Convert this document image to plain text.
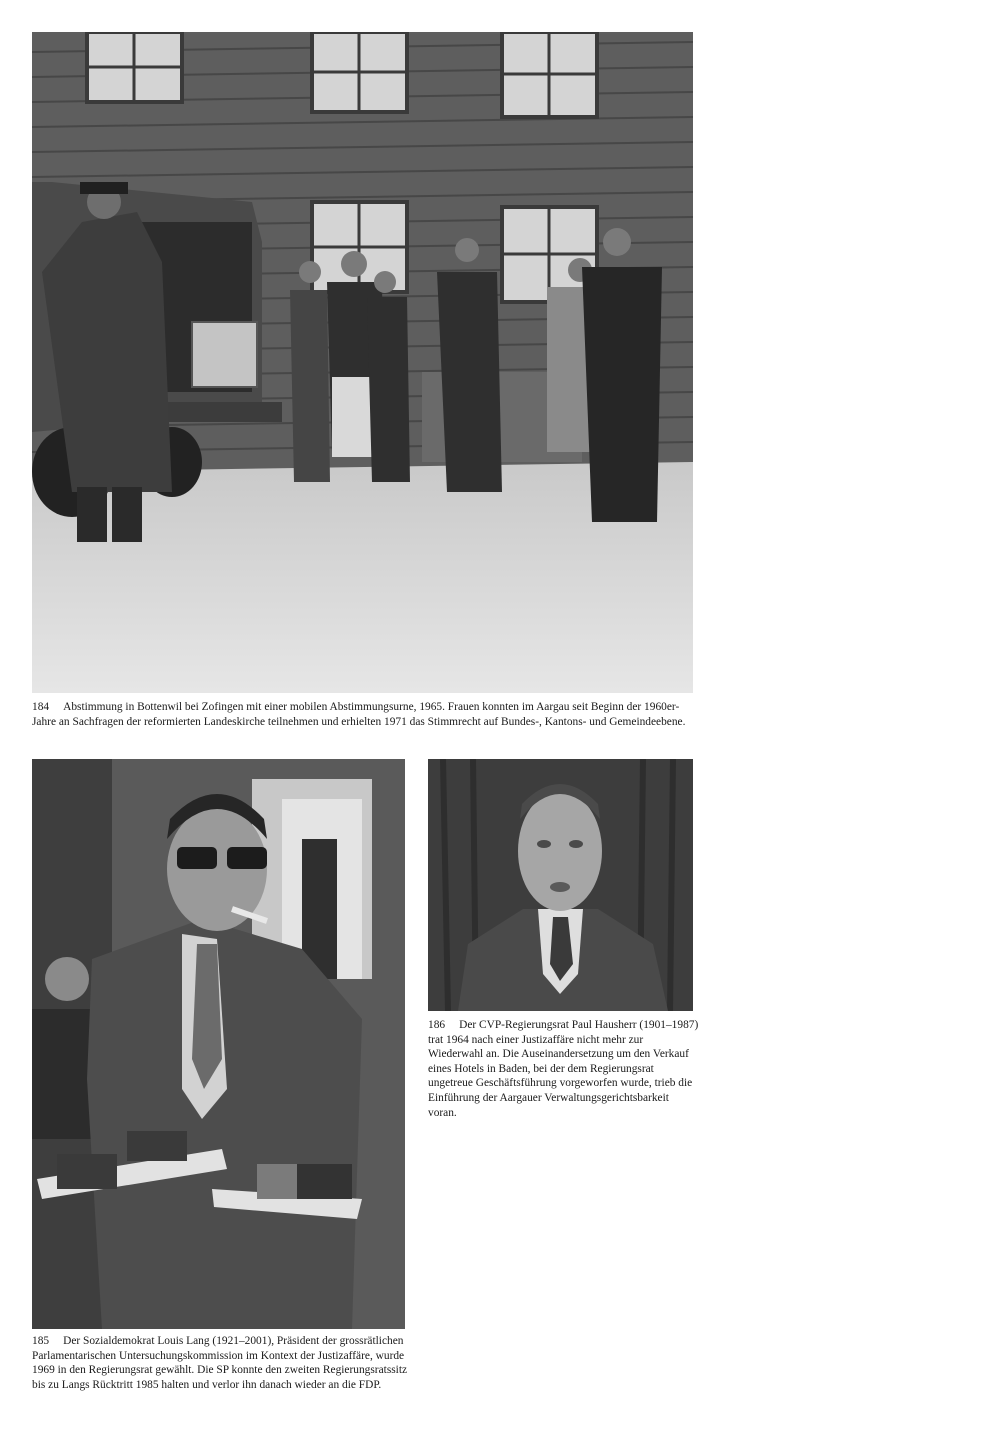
184 Abstimmung in Bottenwil bei Zofingen mit einer mobilen Abstimmungsurne, 1965. Frauen konnten im Aargau seit Beginn der 1960er-Jahre an Sachfragen der reformierten Landeskirche teilnehmen und erhielten 1971 das Stimmrecht auf Bundes-, Kantons- und Gemeindeebene.

185 Der Sozialdemokrat Louis Lang (1921–2001), Präsident der grossrätlichen Parlamentarischen Untersuchungskommission im Kontext der Justizaffäre, wurde 1969 in den Regierungsrat gewählt. Die SP konnte den zweiten Regierungsratssitz bis zu Langs Rücktritt 1985 halten und verlor ihn danach wieder an die FDP.

186 Der CVP-Regierungsrat Paul Hausherr (1901–1987) trat 1964 nach einer Justizaffäre nicht mehr zur Wiederwahl an. Die Auseinandersetzung um den Verkauf eines Hotels in Baden, bei der dem Regierungsrat ungetreue Geschäftsführung vorgeworfen wurde, trieb die Einführung der Aargauer Verwaltungsgerichtsbarkeit voran.
